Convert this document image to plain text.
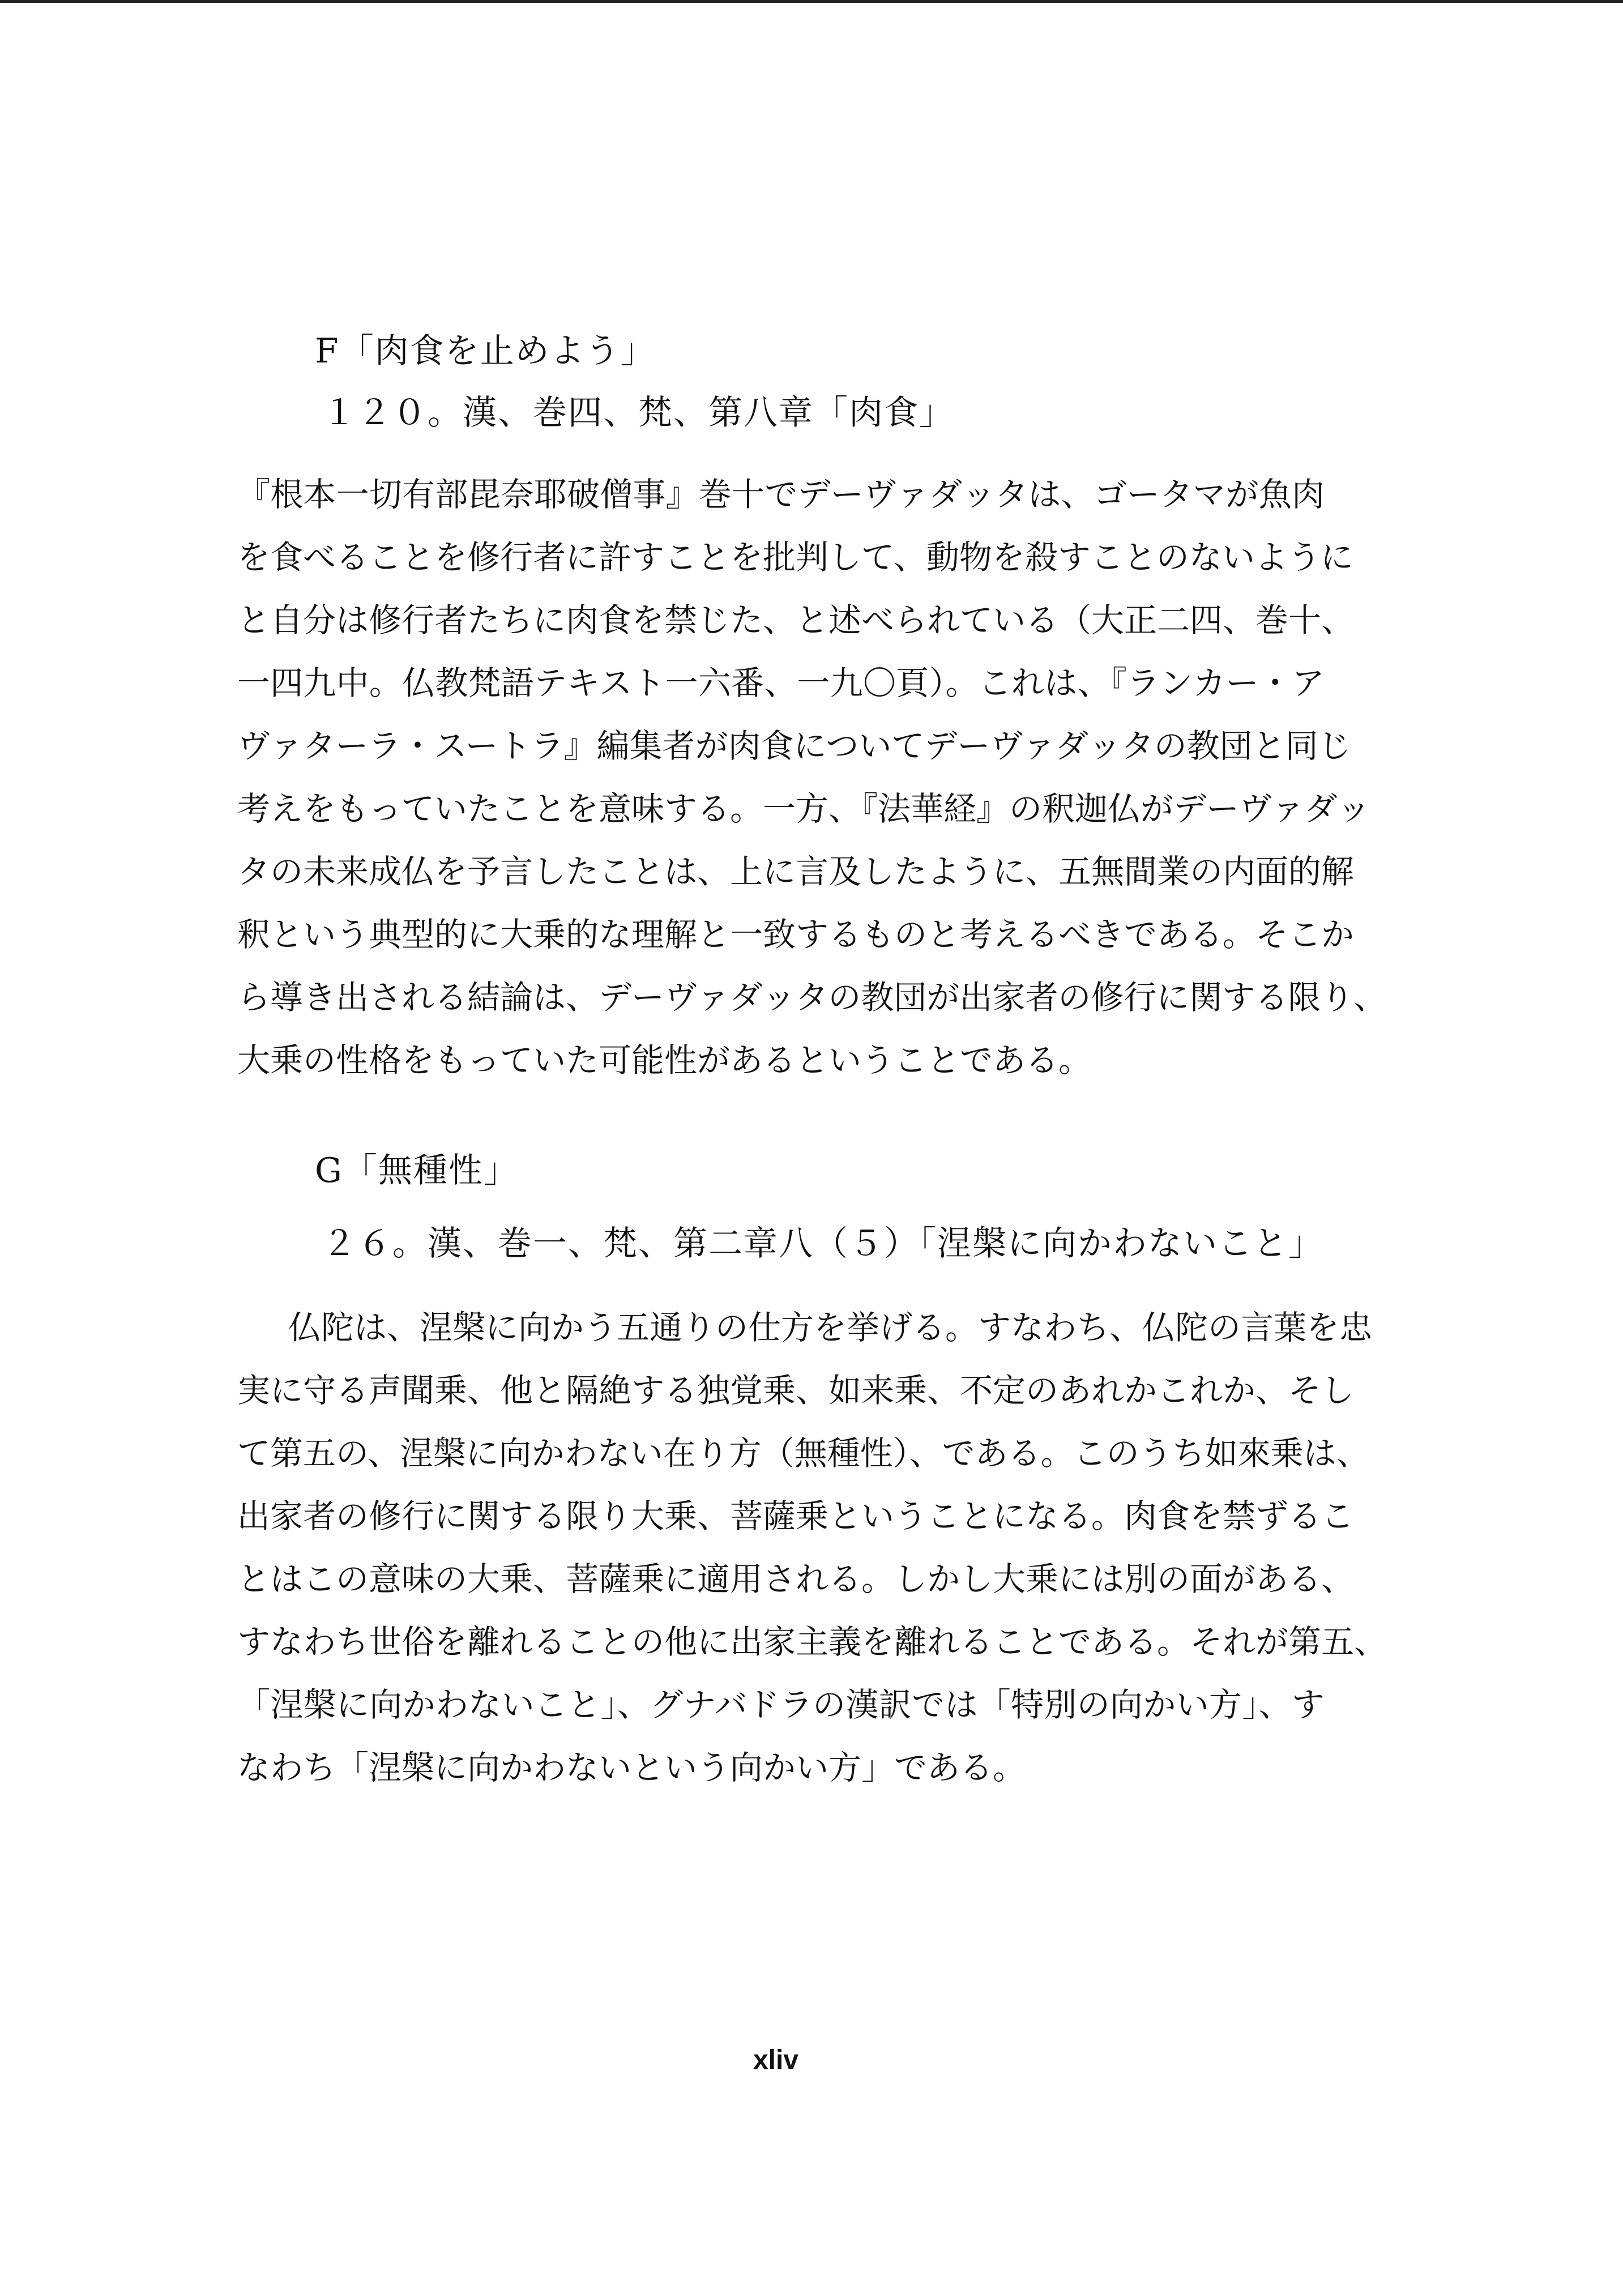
F「肉食を止めよう」
１２０。漢、巻四、梵、第八章「肉食」
『根本一切有部毘奈耶破僧事』巻十でデーヴァダッタは、ゴータマが魚肉
を食べることを修行者に許すことを批判して、動物を殺すことのないように
と自分は修行者たちに肉食を禁じた、と述べられている（大正二四、巻十、
一四九中。仏教梵語テキスト一六番、一九〇頁）。これは、『ランカー・ア
ヴァターラ・スートラ』編集者が肉食についてデーヴァダッタの教団と同じ
考えをもっていたことを意味する。一方、『法華経』の釈迦仏がデーヴァダッ
タの未来成仏を予言したことは、上に言及したように、五無間業の内面的解
釈という典型的に大乗的な理解と一致するものと考えるべきである。そこか
ら導き出される結論は、デーヴァダッタの教団が出家者の修行に関する限り、
大乗の性格をもっていた可能性があるということである。
G「無種性」
２６。漢、巻一、梵、第二章八（５）「涅槃に向かわないこと」
仏陀は、涅槃に向かう五通りの仕方を挙げる。すなわち、仏陀の言葉を忠
実に守る声聞乗、他と隔絶する独覚乗、如来乗、不定のあれかこれか、そし
て第五の、涅槃に向かわない在り方（無種性）、である。このうち如來乗は、
出家者の修行に関する限り大乗、菩薩乗ということになる。肉食を禁ずるこ
とはこの意味の大乗、菩薩乗に適用される。しかし大乗には別の面がある、
すなわち世俗を離れることの他に出家主義を離れることである。それが第五、
「涅槃に向かわないこと」、グナバドラの漢訳では「特別の向かい方」、す
なわち「涅槃に向かわないという向かい方」である。
xliv
